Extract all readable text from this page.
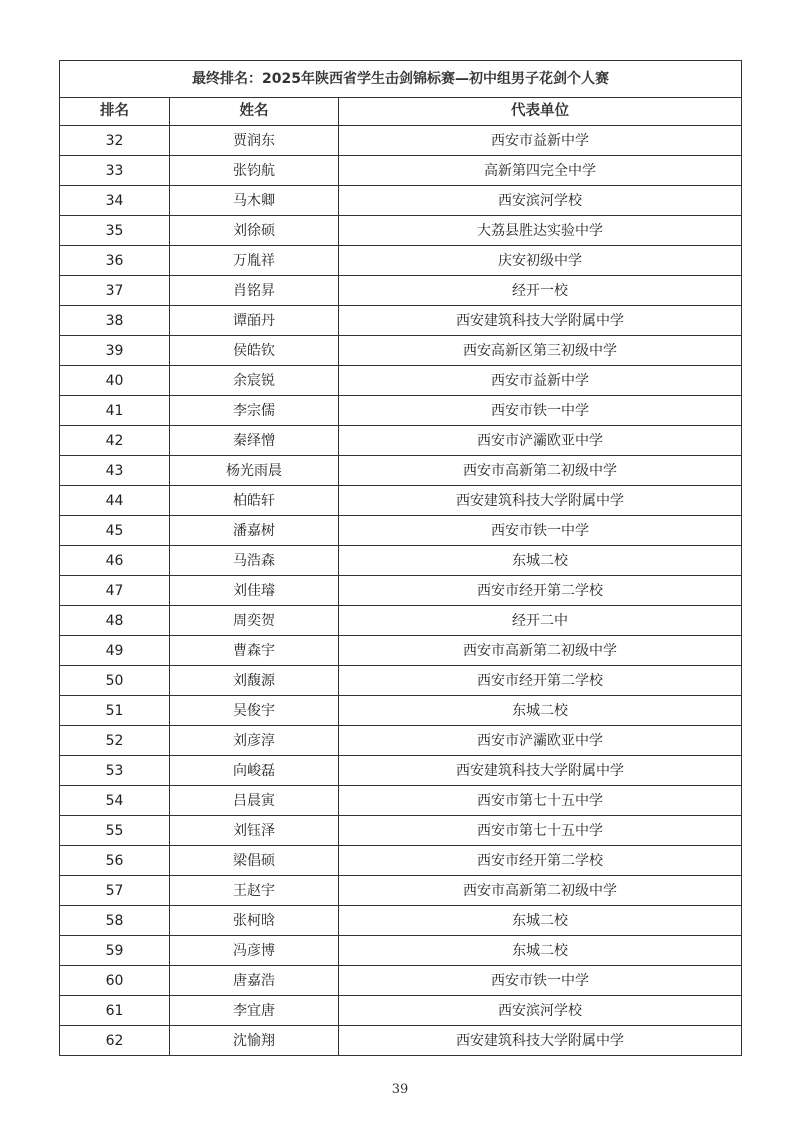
最终排名：2025年陕西省学生击剑锦标赛—初中组男子花剑个人赛		
排名	姓名	代表单位
32	贾润东	西安市益新中学
33	张钧航	高新第四完全中学
34	马木卿	西安滨河学校
35	刘徐硕	大荔县胜达实验中学
36	万胤祥	庆安初级中学
37	肖铭昇	经开一校
38	谭皕丹	西安建筑科技大学附属中学
39	侯皓钦	西安高新区第三初级中学
40	余宸锐	西安市益新中学
41	李宗儒	西安市铁一中学
42	秦绎憎	西安市浐灞欧亚中学
43	杨光雨晨	西安市高新第二初级中学
44	柏皓轩	西安建筑科技大学附属中学
45	潘嘉树	西安市铁一中学
46	马浩森	东城二校
47	刘佳璿	西安市经开第二学校
48	周奕贺	经开二中
49	曹森宇	西安市高新第二初级中学
50	刘馥源	西安市经开第二学校
51	吴俊宇	东城二校
52	刘彦淳	西安市浐灞欧亚中学
53	向峻磊	西安建筑科技大学附属中学
54	吕晨寅	西安市第七十五中学
55	刘钰泽	西安市第七十五中学
56	梁倡硕	西安市经开第二学校
57	王赵宇	西安市高新第二初级中学
58	张柯晗	东城二校
59	冯彦博	东城二校
60	唐嘉浩	西安市铁一中学
61	李宜唐	西安滨河学校
62	沈愉翔	西安建筑科技大学附属中学
39
